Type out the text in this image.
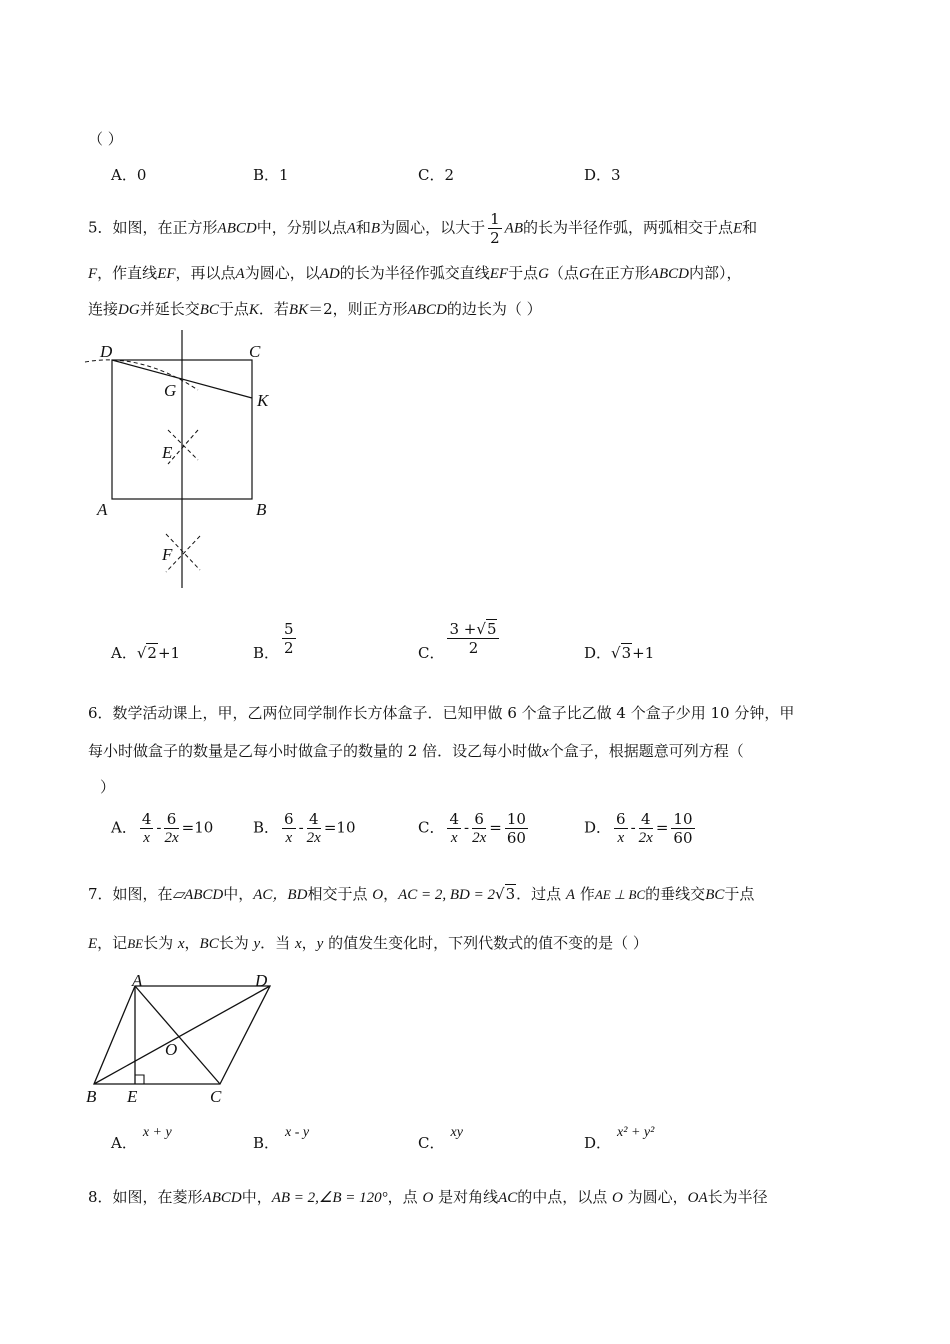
（ ）
A．0	B．1	C．2	D．3
5．如图，在正方形ABCD中，分别以点A和B为圆心，以大于 $\frac{1}{2}$ AB的长为半径作弧，两弧相交于点E和
F，作直线EF，再以点A为圆心，以AD的长为半径作弧交直线EF于点G（点G在正方形ABCD内部），
连接DG并延长交BC于点K．若BK＝2，则正方形ABCD的边长为（ ）
D	C
G
K
E
A	B
F
A．√2+1	B． $\frac{5}{2}$	C． $\frac{3 +√5}{2}$	D．√3+1
6．数学活动课上，甲，乙两位同学制作长方体盒子．已知甲做 6 个盒子比乙做 4 个盒子少用 10 分钟，甲
每小时做盒子的数量是乙每小时做盒子的数量的 2 倍．设乙每小时做x个盒子，根据题意可列方程（
）
A． $\frac{4}{x} - \frac{6}{2x} =10$	B． $\frac{6}{x} - \frac{4}{2x} =10$	C． $\frac{4}{x} - \frac{6}{2x} = \frac{10}{60}$	D． $\frac{6}{x} - \frac{4}{2x} = \frac{10}{60}$
7．如图，在▱ABCD中，AC，BD相交于点 O，AC = 2, BD = 2√3．过点 A 作AE ⊥ BC的垂线交BC于点
E，记BE长为 x，BC长为 y．当 x，y 的值发生变化时，下列代数式的值不变的是（ ）
A	D
O
B E	C
A．x + y
B．x - y
C．xy
D．x² + y²
8．如图，在菱形ABCD中，AB = 2,∠B = 120°，点 O 是对角线AC的中点，以点 O 为圆心，OA长为半径
